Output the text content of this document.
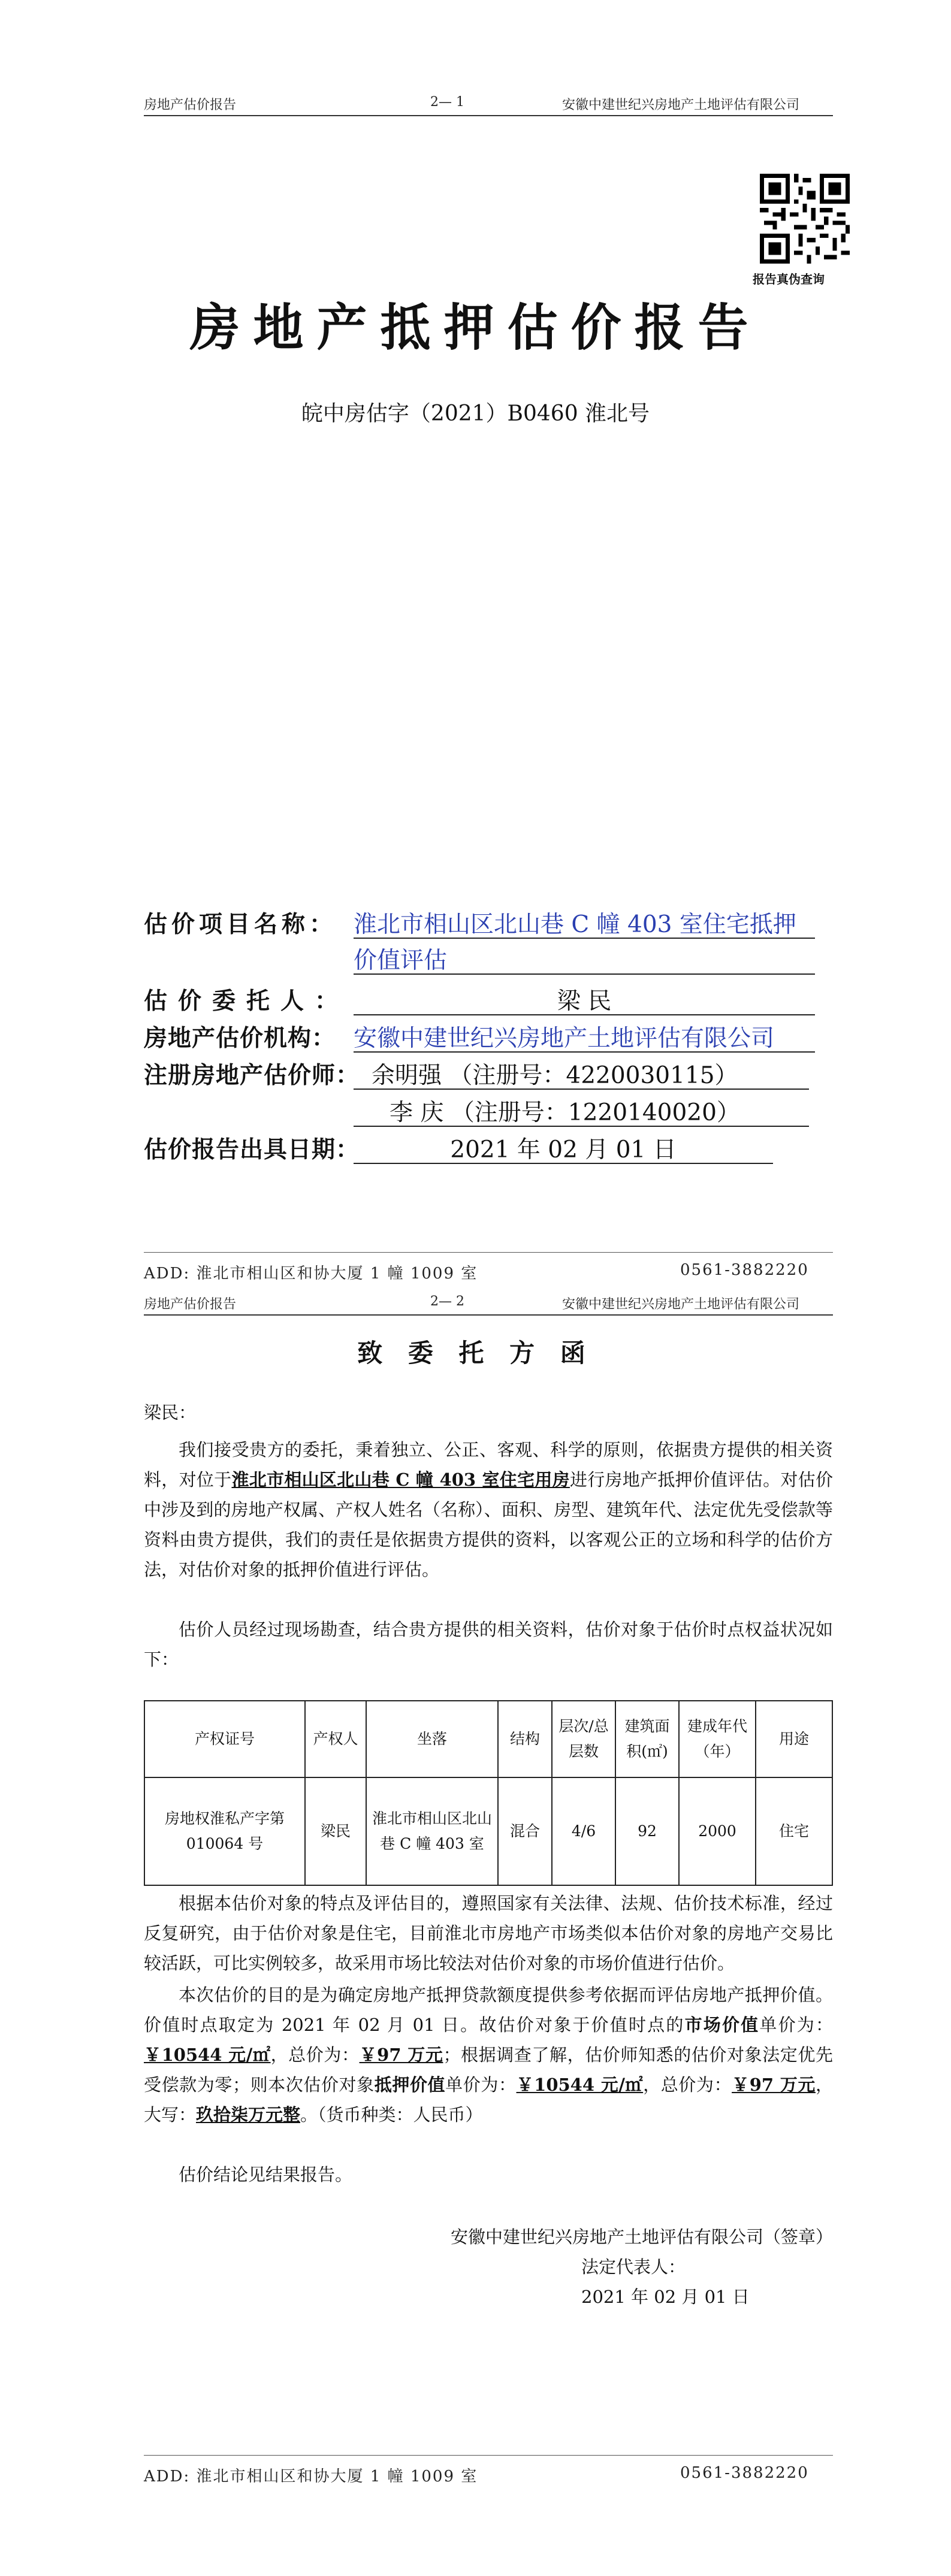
房地产估价报告	2— 1	安徽中建世纪兴房地产土地评估有限公司
报告真伪查询
房地产抵押估价报告
皖中房估字（2021）B0460 淮北号
估价项目名称： 淮北市相山区北山巷 C 幢 403 室住宅抵押
价值评估
估价委托人：	梁 民
房地产估价机构： 安徽中建世纪兴房地产土地评估有限公司
注册房地产估价师： 余明强 （注册号：4220030115）
李 庆 （注册号：1220140020）
估价报告出具日期：	2021 年 02 月 01 日
ADD: 淮北市相山区和协大厦 1 幢 1009 室	0561-3882220
房地产估价报告	2— 2	安徽中建世纪兴房地产土地评估有限公司
致 委 托 方 函
梁民：

我们接受贵方的委托，秉着独立、公正、客观、科学的原则，依据贵方提供的相关资料，对位于淮北市相山区北山巷 C 幢 403 室住宅用房进行房地产抵押价值评估。对估价中涉及到的房地产权属、产权人姓名（名称）、面积、房型、建筑年代、法定优先受偿款等资料由贵方提供，我们的责任是依据贵方提供的资料，以客观公正的立场和科学的估价方法，对估价对象的抵押价值进行评估。

估价人员经过现场勘查，结合贵方提供的相关资料，估价对象于估价时点权益状况如下：

产权证号	产权人	坐落	结构	层次/总层数	建筑面积(㎡)	建成年代（年）	用途
房地权淮私产字第 010064 号	梁民	淮北市相山区北山巷 C 幢 403 室	混合	4/6	92	2000	住宅

根据本估价对象的特点及评估目的，遵照国家有关法律、法规、估价技术标准，经过反复研究，由于估价对象是住宅，目前淮北市房地产市场类似本估价对象的房地产交易比较活跃，可比实例较多，故采用市场比较法对估价对象的市场价值进行估价。

本次估价的目的是为确定房地产抵押贷款额度提供参考依据而评估房地产抵押价值。价值时点取定为 2021 年 02 月 01 日。故估价对象于价值时点的市场价值单价为：￥10544 元/㎡，总价为：￥97 万元；根据调查了解，估价师知悉的估价对象法定优先受偿款为零；则本次估价对象抵押价值单价为：￥10544 元/㎡，总价为：￥97 万元，大写：玖拾柒万元整。（货币种类：人民币）

估价结论见结果报告。

安徽中建世纪兴房地产土地评估有限公司（签章）
法定代表人：
2021 年 02 月 01 日
ADD: 淮北市相山区和协大厦 1 幢 1009 室	0561-3882220
